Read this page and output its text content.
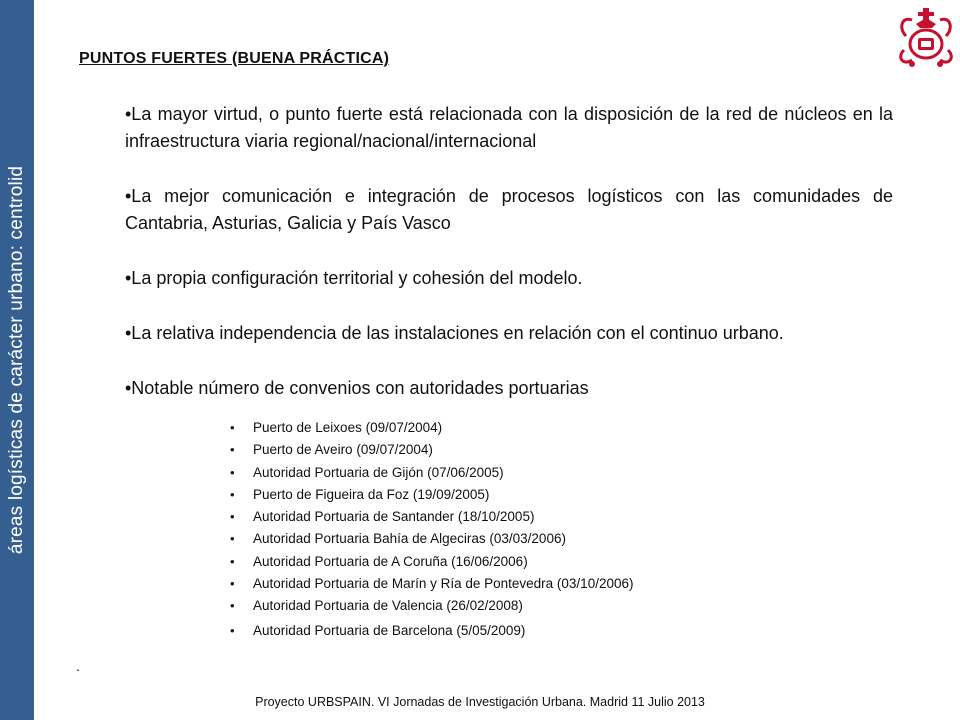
áreas logísticas de carácter urbano: centrolid
PUNTOS FUERTES (BUENA PRÁCTICA)
•La mayor virtud, o punto fuerte está relacionada con la disposición de la red de núcleos en la infraestructura viaria regional/nacional/internacional
•La mejor comunicación e integración de procesos logísticos con las comunidades de Cantabria, Asturias, Galicia y País Vasco
•La propia configuración territorial y cohesión del modelo.
•La relativa independencia de las instalaciones en relación con el continuo urbano.
•Notable número de convenios con autoridades portuarias
• Puerto de Leixoes (09/07/2004)
• Puerto de Aveiro (09/07/2004)
• Autoridad Portuaria de Gijón (07/06/2005)
• Puerto de Figueira da Foz (19/09/2005)
• Autoridad Portuaria de Santander (18/10/2005)
• Autoridad Portuaria Bahía de Algeciras (03/03/2006)
• Autoridad Portuaria de A Coruña (16/06/2006)
• Autoridad Portuaria de Marín y Ría de Pontevedra (03/10/2006)
• Autoridad Portuaria de Valencia (26/02/2008)
• Autoridad Portuaria de Barcelona (5/05/2009)
.
Proyecto URBSPAIN. VI Jornadas de Investigación Urbana. Madrid 11 Julio 2013
